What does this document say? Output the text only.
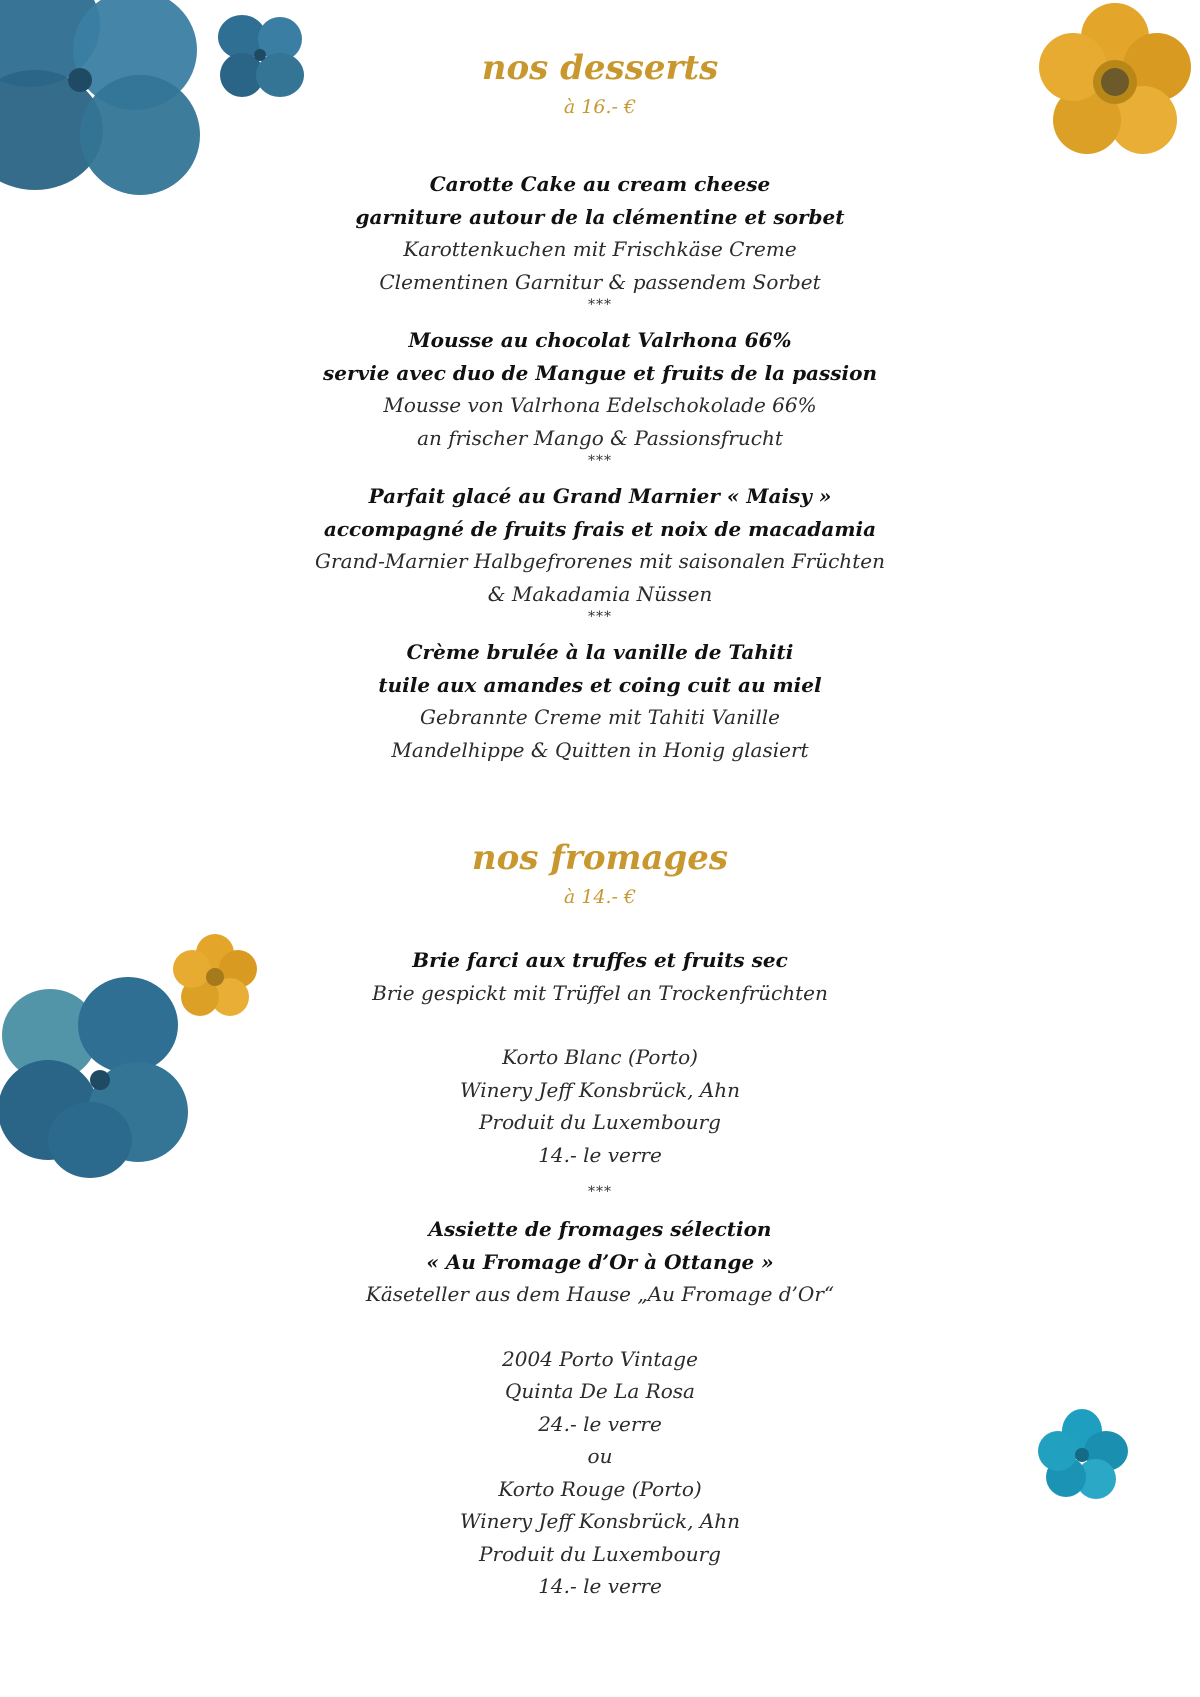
nos desserts
à 16.- €
Carotte Cake au cream cheese
garniture autour de la clémentine et sorbet
Karottenkuchen mit Frischkäse Creme
Clementinen Garnitur & passendem Sorbet
***
Mousse au chocolat Valrhona 66%
servie avec duo de Mangue et fruits de la passion
Mousse von Valrhona Edelschokolade 66%
an frischer Mango & Passionsfrucht
***
Parfait glacé au Grand Marnier « Maisy »
accompagné de fruits frais et noix de macadamia
Grand-Marnier Halbgefrorenes mit saisonalen Früchten
& Makadamia Nüssen
***
Crème brulée à la vanille de Tahiti
tuile aux amandes et coing cuit au miel
Gebrannte Creme mit Tahiti Vanille
Mandelhippe & Quitten in Honig glasiert
nos fromages
à 14.- €
Brie farci aux truffes et fruits sec
Brie gespickt mit Trüffel an Trockenfrüchten
Korto Blanc (Porto)
Winery Jeff Konsbrück, Ahn
Produit du Luxembourg
14.- le verre
***
Assiette de fromages sélection
« Au Fromage d’Or à Ottange »
Käseteller aus dem Hause „Au Fromage d’Or“
2004 Porto Vintage
Quinta De La Rosa
24.- le verre
ou
Korto Rouge (Porto)
Winery Jeff Konsbrück, Ahn
Produit du Luxembourg
14.- le verre
